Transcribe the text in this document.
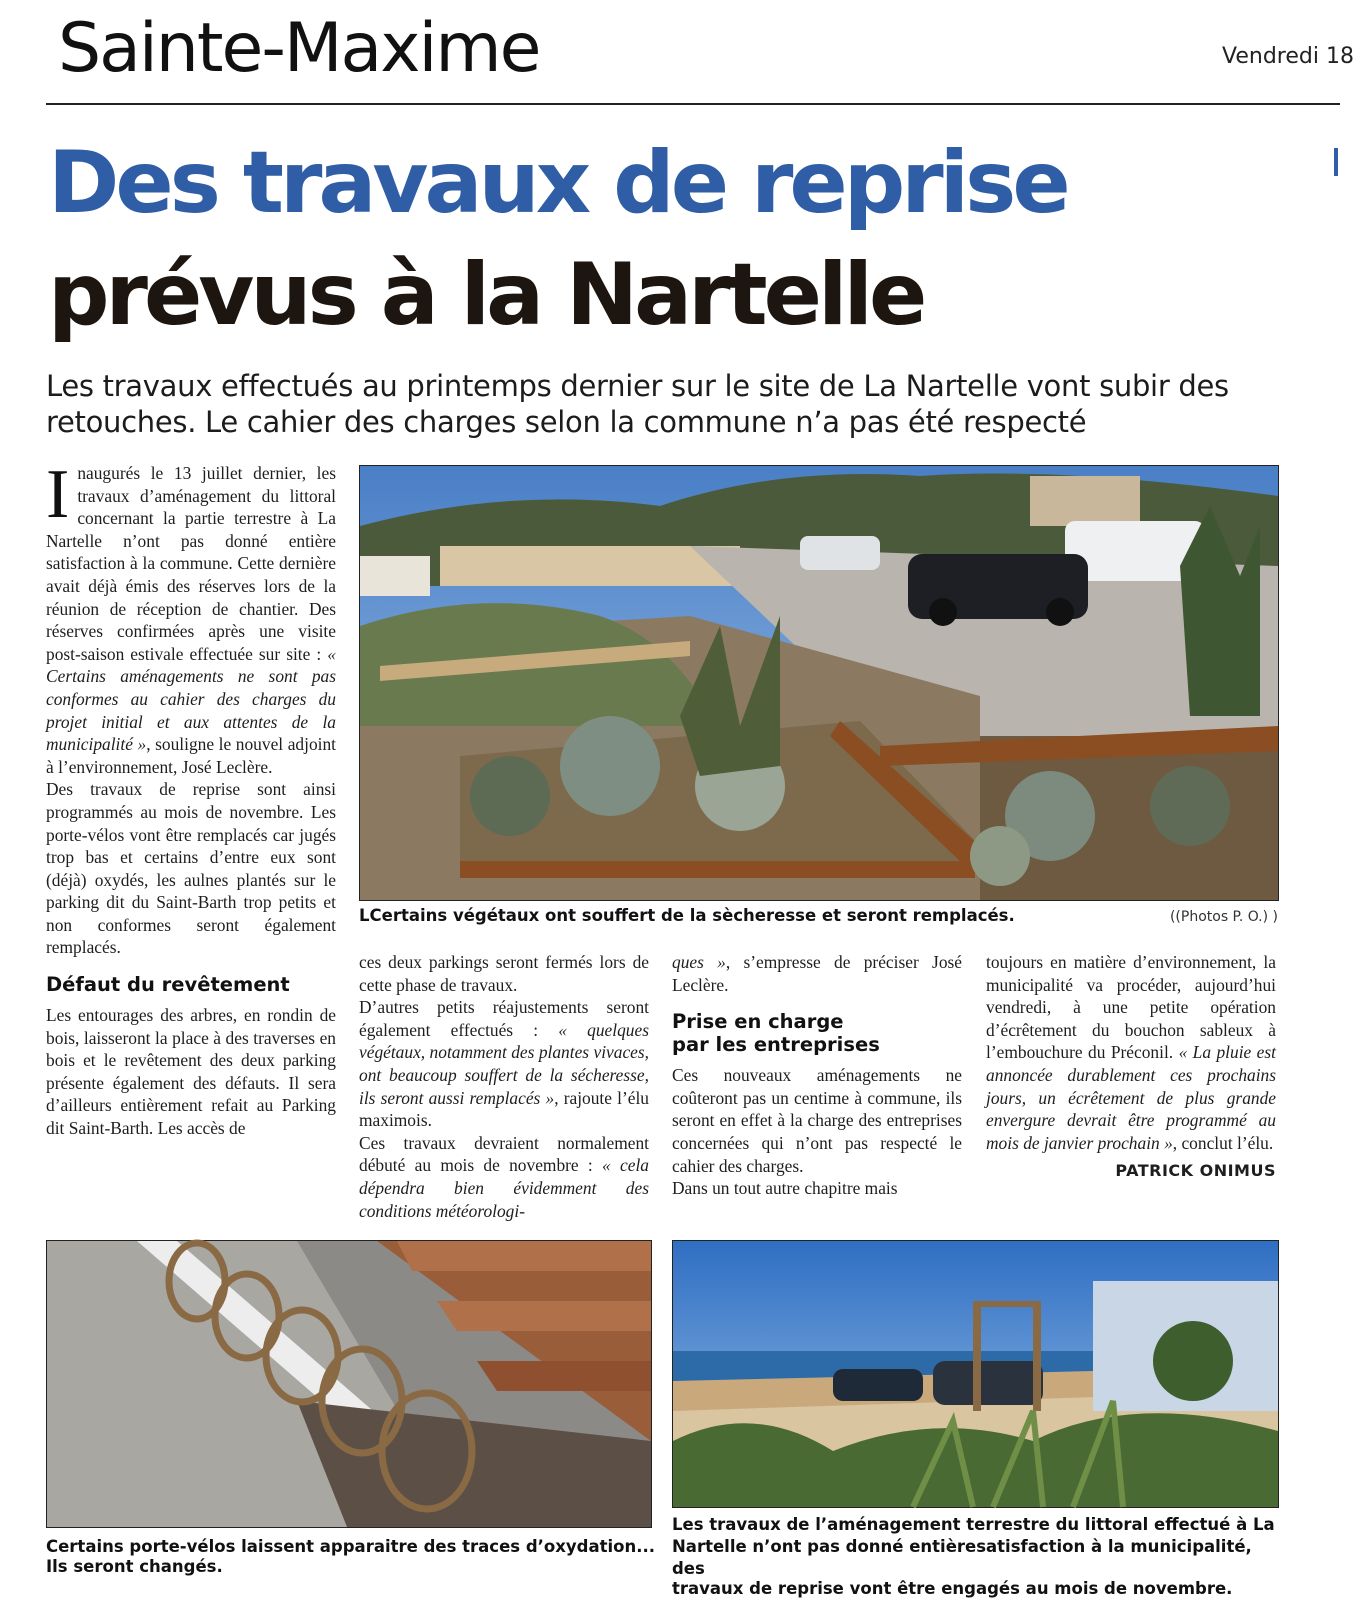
Sainte-Maxime	Vendredi 18
Des travaux de reprise
prévus à la Nartelle
Les travaux effectués au printemps dernier sur le site de La Nartelle vont subir des retouches. Le cahier des charges selon la commune n’a pas été respecté

Inaugurés le 13 juillet dernier, les travaux d’aménagement du littoral concernant la partie terrestre à La Nartelle n’ont pas donné entière satisfaction à la commune. Cette dernière avait déjà émis des réserves lors de la réunion de réception de chantier. Des réserves confirmées après une visite post-saison estivale effectuée sur site : « Certains aménagements ne sont pas conformes au cahier des charges du projet initial et aux attentes de la municipalité », souligne le nouvel adjoint à l’environnement, José Leclère.

Des travaux de reprise sont ainsi programmés au mois de novembre. Les porte-vélos vont être remplacés car jugés trop bas et certains d’entre eux sont (déjà) oxydés, les aulnes plantés sur le parking dit du Saint-Barth trop petits et non conformes seront également remplacés.

Défaut du revêtement

Les entourages des arbres, en rondin de bois, laisseront la place à des traverses en bois et le revêtement des deux parking présente également des défauts. Il sera d’ailleurs entièrement refait au Parking dit Saint-Barth. Les accès de

LCertains végétaux ont souffert de la sècheresse et seront remplacés.	((Photos P. O.) )

ces deux parkings seront fermés lors de cette phase de travaux.

D’autres petits réajustements seront également effectués : « quelques végétaux, notamment des plantes vivaces, ont beaucoup souffert de la sécheresse, ils seront aussi remplacés », rajoute l’élu maximois.

Ces travaux devraient normalement débuté au mois de novembre : « cela dépendra bien évidemment des conditions météorologi-

ques », s’empresse de préciser José Leclère.

Prise en charge
par les entreprises

Ces nouveaux aménagements ne coûteront pas un centime à commune, ils seront en effet à la charge des entreprises concernées qui n’ont pas respecté le cahier des charges.

Dans un tout autre chapitre mais

toujours en matière d’environnement, la municipalité va procéder, aujourd’hui vendredi, à une petite opération d’écrêtement du bouchon sableux à l’embouchure du Préconil. « La pluie est annoncée durablement ces prochains jours, un écrêtement de plus grande envergure devrait être programmé au mois de janvier prochain », conclut l’élu.

PATRICK ONIMUS
Certains porte-vélos laissent apparaitre des traces d’oxydation...
Ils seront changés.
Les travaux de l’aménagement terrestre du littoral effectué à La Nartelle n’ont pas donné entièresatisfaction à la municipalité, des
travaux de reprise vont être engagés au mois de novembre.
